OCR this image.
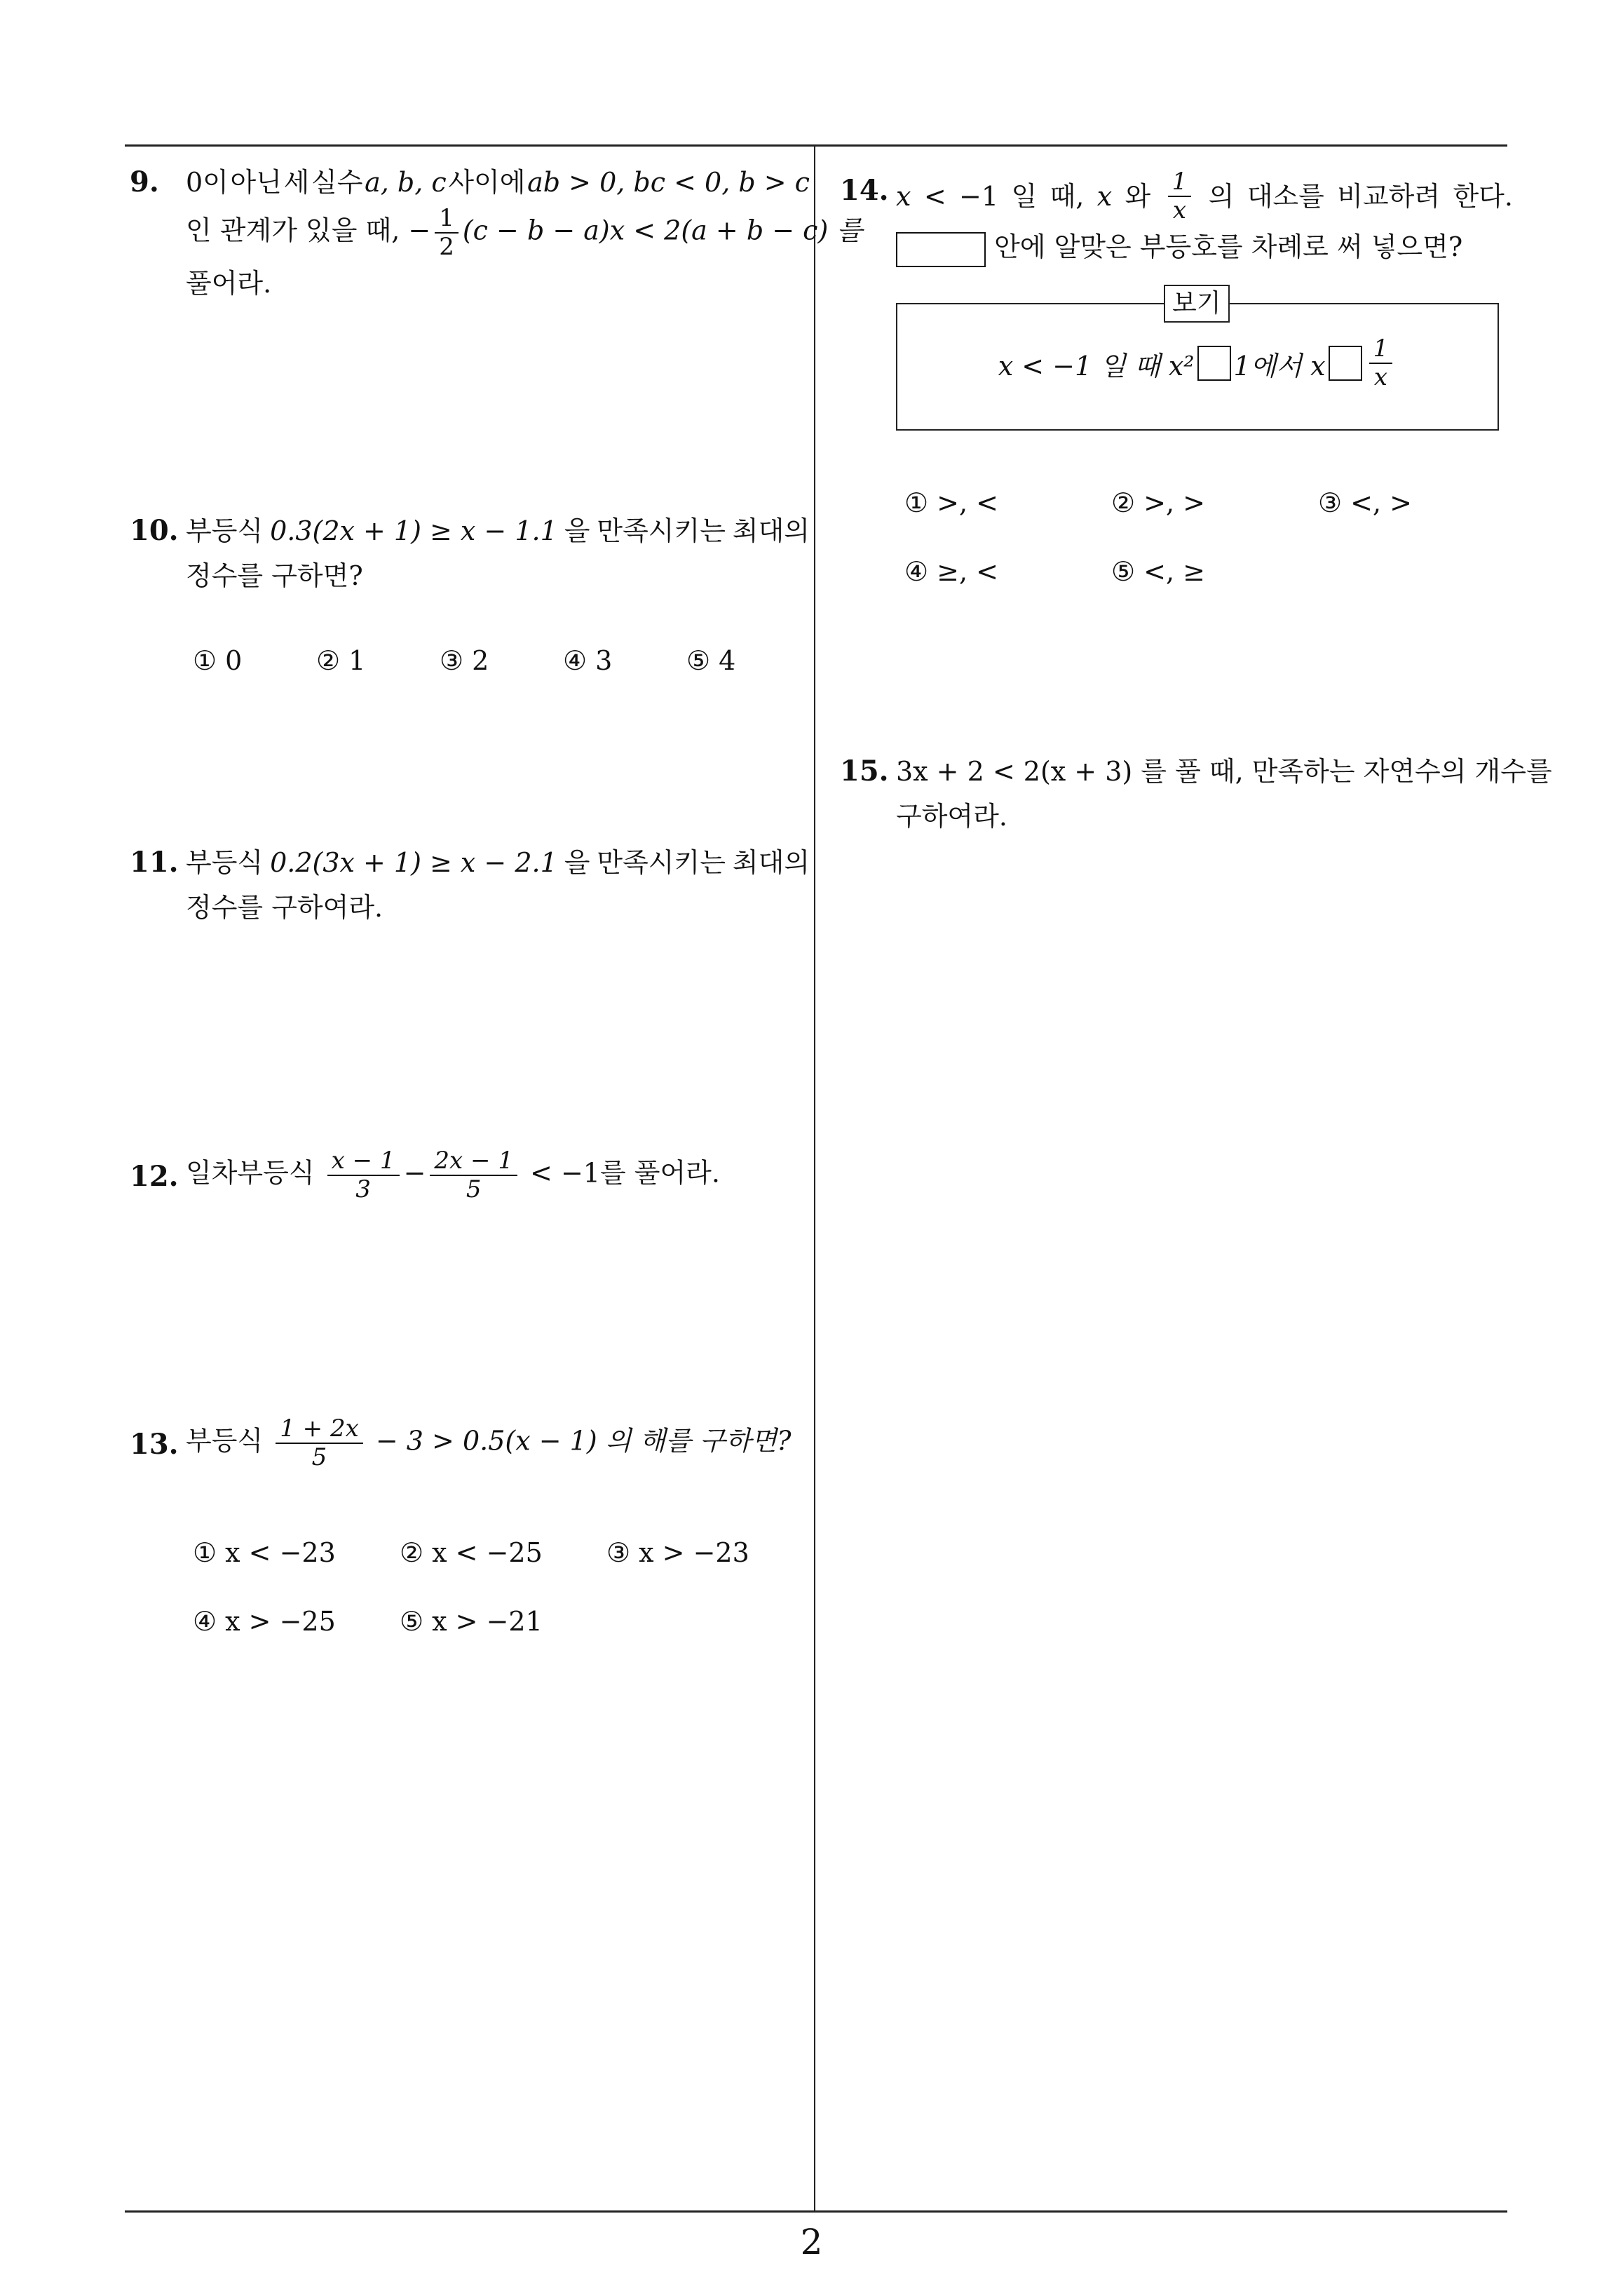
9. 0이 아닌 세 실수 a, b, c 사이에 ab > 0, bc < 0, b > c
인 관계가 있을 때, − $\frac{1}{2} (c - b - a)x < 2(a + b - c)$ 를
풀어라.
10. 부등식 0.3(2x + 1) ≥ x − 1.1 을 만족시키는 최대의
정수를 구하면?
① 0	② 1	③ 2	④ 3	⑤ 4
11. 부등식 0.2(3x + 1) ≥ x − 2.1 을 만족시키는 최대의
정수를 구하여라.
12. 일차부등식 $\frac{x - 1}{3} - \frac{2x - 1}{5} < -1$를 풀어라.
13. 부등식 $\frac{1 + 2x}{5} - 3 > 0.5(x - 1)$ 의 해를 구하면?
① x < −23 ② x < −25 ③ x > −23
④ x > −25 ⑤ x > −21
14. x < −1 일 때, x 와 $\frac{1}{x}$ 의 대소를 비교하려 한다.
안에 알맞은 부등호를 차례로 써 넣으면?
보기
x < −1 일 때 x² 1에서 x $\frac{1}{x}$
① >, <	② >, >	③ <, >
④ ≥, <	⑤ <, ≥
15. 3x + 2 < 2(x + 3) 를 풀 때, 만족하는 자연수의 개수를
구하여라.
2
